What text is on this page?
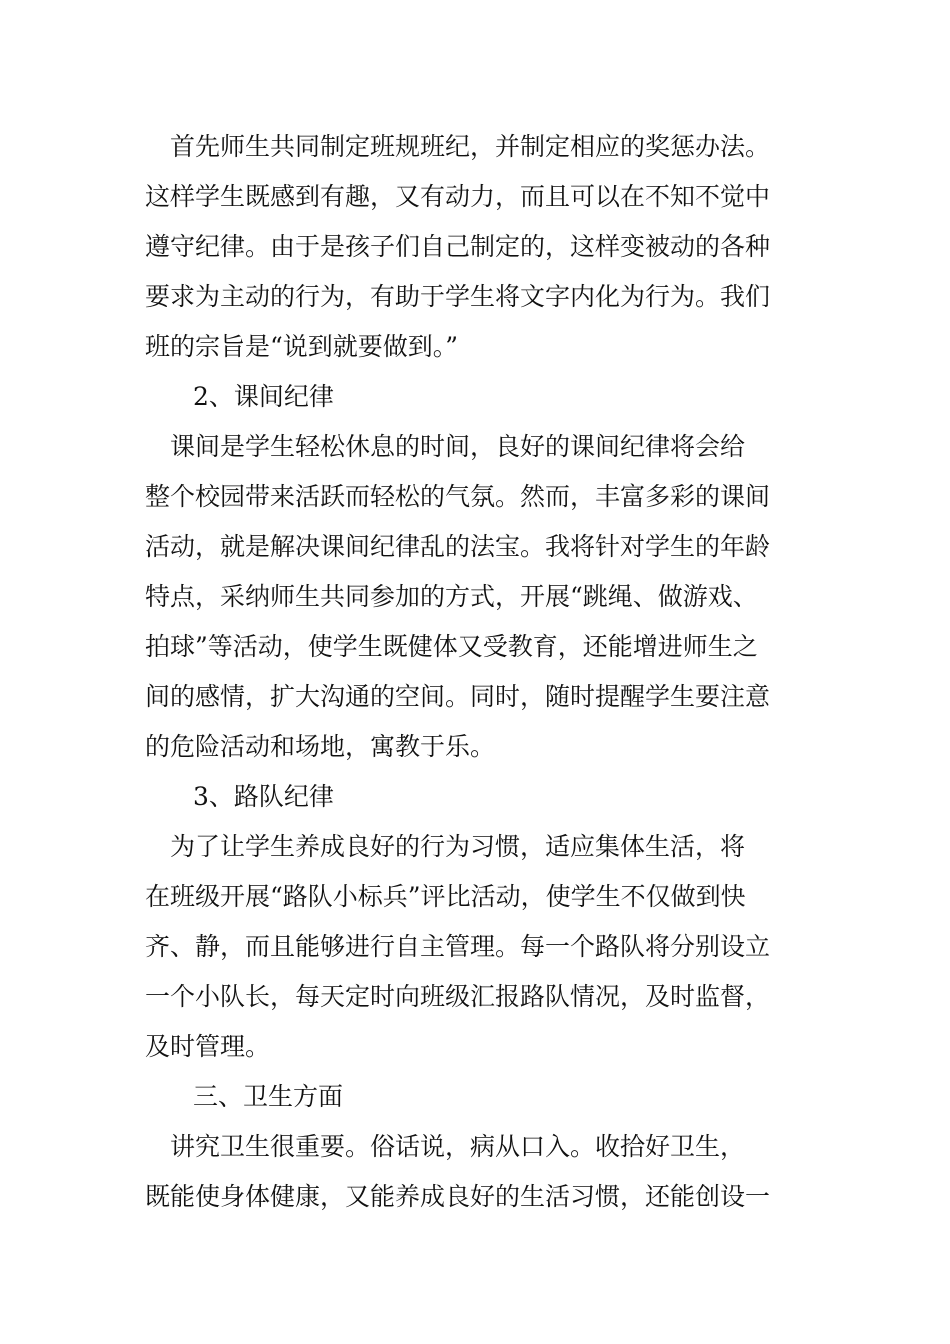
　首先师生共同制定班规班纪，并制定相应的奖惩办法。
这样学生既感到有趣，又有动力，而且可以在不知不觉中
遵守纪律。由于是孩子们自己制定的，这样变被动的各种
要求为主动的行为，有助于学生将文字内化为行为。我们
班的宗旨是“说到就要做到。”
2、课间纪律
　课间是学生轻松休息的时间，良好的课间纪律将会给
整个校园带来活跃而轻松的气氛。然而，丰富多彩的课间
活动，就是解决课间纪律乱的法宝。我将针对学生的年龄
特点，采纳师生共同参加的方式，开展“跳绳、做游戏、
拍球”等活动，使学生既健体又受教育，还能增进师生之
间的感情，扩大沟通的空间。同时，随时提醒学生要注意
的危险活动和场地，寓教于乐。
3、路队纪律
　为了让学生养成良好的行为习惯，适应集体生活，将
在班级开展“路队小标兵”评比活动，使学生不仅做到快
齐、静，而且能够进行自主管理。每一个路队将分别设立
一个小队长，每天定时向班级汇报路队情况，及时监督，
及时管理。
三、卫生方面
　讲究卫生很重要。俗话说，病从口入。收拾好卫生，
既能使身体健康，又能养成良好的生活习惯，还能创设一
